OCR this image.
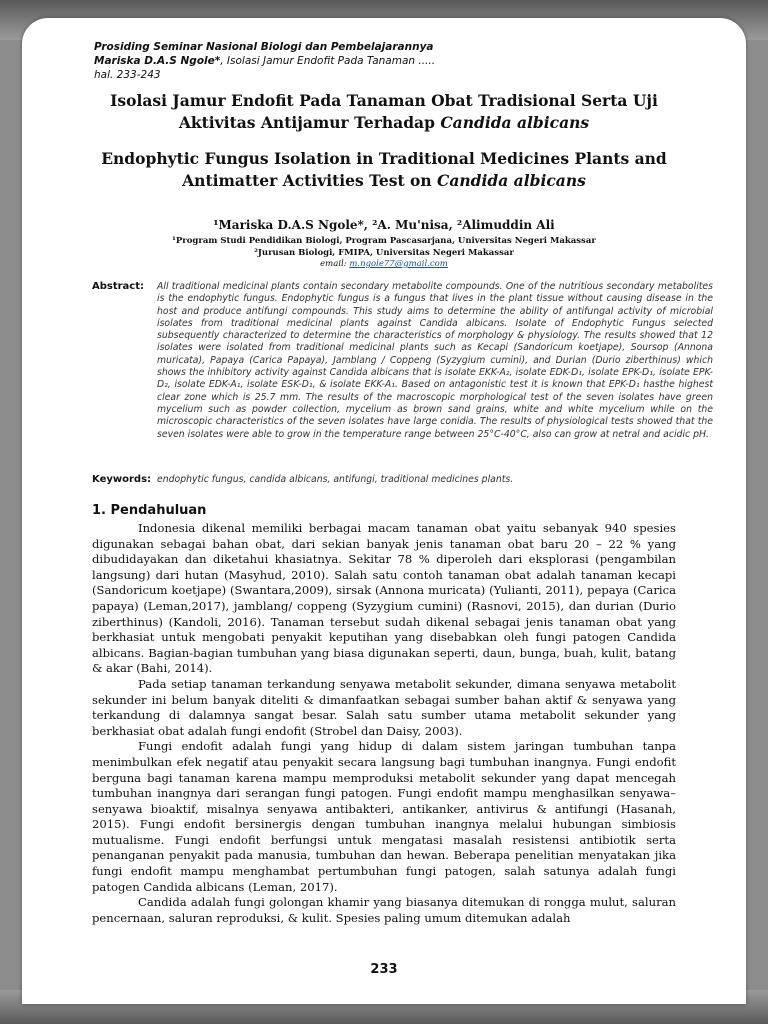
Prosiding Seminar Nasional Biologi dan Pembelajarannya
Mariska D.A.S Ngole*, Isolasi Jamur Endofit Pada Tanaman .....
hal. 233-243
Isolasi Jamur Endofit Pada Tanaman Obat Tradisional Serta Uji
Aktivitas Antijamur Terhadap Candida albicans
Endophytic Fungus Isolation in Traditional Medicines Plants and
Antimatter Activities Test on Candida albicans
¹Mariska D.A.S Ngole*, ²A. Mu'nisa, ²Alimuddin Ali
¹Program Studi Pendidikan Biologi, Program Pascasarjana, Universitas Negeri Makassar
²Jurusan Biologi, FMIPA, Universitas Negeri Makassar
email: m.ngole77@gmail.com
Abstract: All traditional medicinal plants contain secondary metabolite compounds. One of the nutritious secondary metabolites is the endophytic fungus. Endophytic fungus is a fungus that lives in the plant tissue without causing disease in the host and produce antifungi compounds. This study aims to determine the ability of antifungal activity of microbial isolates from traditional medicinal plants against Candida albicans. Isolate of Endophytic Fungus selected subsequently characterized to determine the characteristics of morphology & physiology. The results showed that 12 isolates were isolated from traditional medicinal plants such as Kecapi (Sandoricum koetjape), Soursop (Annona muricata), Papaya (Carica Papaya), Jamblang / Coppeng (Syzygium cumini), and Durian (Durio ziberthinus) which shows the inhibitory activity against Candida albicans that is isolate EKK-A₂, isolate EDK-D₁, isolate EPK-D₁, isolate EPK-D₂, isolate EDK-A₁, isolate ESK-D₁, & isolate EKK-A₁. Based on antagonistic test it is known that EPK-D₁ hasthe highest clear zone which is 25.7 mm. The results of the macroscopic morphological test of the seven isolates have green mycelium such as powder collection, mycelium as brown sand grains, white and white mycelium while on the microscopic characteristics of the seven isolates have large conidia. The results of physiological tests showed that the seven isolates were able to grow in the temperature range between 25°C-40°C, also can grow at netral and acidic pH.
Keywords: endophytic fungus, candida albicans, antifungi, traditional medicines plants.
1. Pendahuluan

Indonesia dikenal memiliki berbagai macam tanaman obat yaitu sebanyak 940 spesies digunakan sebagai bahan obat, dari sekian banyak jenis tanaman obat baru 20 – 22 % yang dibudidayakan dan diketahui khasiatnya. Sekitar 78 % diperoleh dari eksplorasi (pengambilan langsung) dari hutan (Masyhud, 2010). Salah satu contoh tanaman obat adalah tanaman kecapi (Sandoricum koetjape) (Swantara,2009), sirsak (Annona muricata) (Yulianti, 2011), pepaya (Carica papaya) (Leman,2017), jamblang/ coppeng (Syzygium cumini) (Rasnovi, 2015), dan durian (Durio ziberthinus) (Kandoli, 2016). Tanaman tersebut sudah dikenal sebagai jenis tanaman obat yang berkhasiat untuk mengobati penyakit keputihan yang disebabkan oleh fungi patogen Candida albicans. Bagian-bagian tumbuhan yang biasa digunakan seperti, daun, bunga, buah, kulit, batang & akar (Bahi, 2014).

Pada setiap tanaman terkandung senyawa metabolit sekunder, dimana senyawa metabolit sekunder ini belum banyak diteliti & dimanfaatkan sebagai sumber bahan aktif & senyawa yang terkandung di dalamnya sangat besar. Salah satu sumber utama metabolit sekunder yang berkhasiat obat adalah fungi endofit (Strobel dan Daisy, 2003).

Fungi endofit adalah fungi yang hidup di dalam sistem jaringan tumbuhan tanpa menimbulkan efek negatif atau penyakit secara langsung bagi tumbuhan inangnya. Fungi endofit berguna bagi tanaman karena mampu memproduksi metabolit sekunder yang dapat mencegah tumbuhan inangnya dari serangan fungi patogen. Fungi endofit mampu menghasilkan senyawa–senyawa bioaktif, misalnya senyawa antibakteri, antikanker, antivirus & antifungi (Hasanah, 2015). Fungi endofit bersinergis dengan tumbuhan inangnya melalui hubungan simbiosis mutualisme. Fungi endofit berfungsi untuk mengatasi masalah resistensi antibiotik serta penanganan penyakit pada manusia, tumbuhan dan hewan. Beberapa penelitian menyatakan jika fungi endofit mampu menghambat pertumbuhan fungi patogen, salah satunya adalah fungi patogen Candida albicans (Leman, 2017).

Candida adalah fungi golongan khamir yang biasanya ditemukan di rongga mulut, saluran pencernaan, saluran reproduksi, & kulit. Spesies paling umum ditemukan adalah

233
